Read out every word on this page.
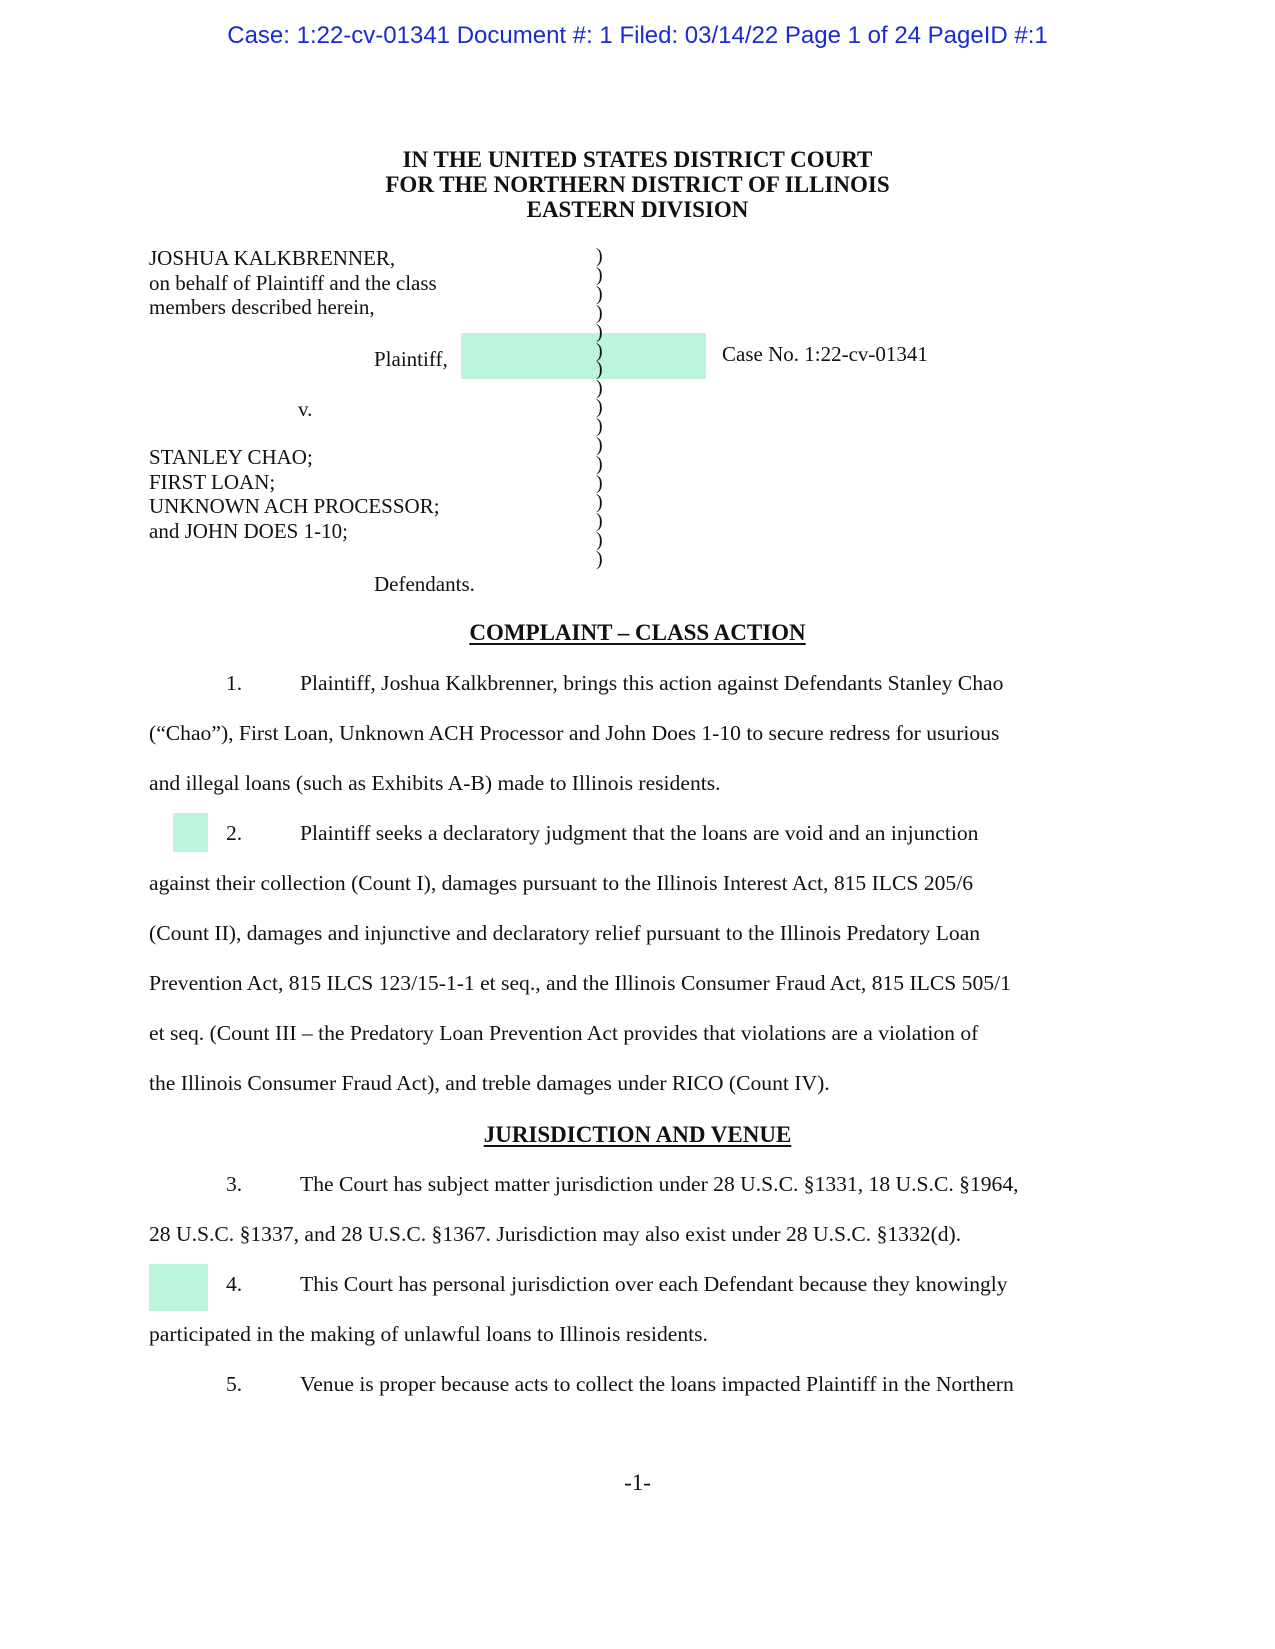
Case: 1:22-cv-01341 Document #: 1 Filed: 03/14/22 Page 1 of 24 PageID #:1
IN THE UNITED STATES DISTRICT COURT
FOR THE NORTHERN DISTRICT OF ILLINOIS
EASTERN DIVISION
JOSHUA KALKBRENNER,
on behalf of Plaintiff and the class
members described herein,
Plaintiff,
v.
STANLEY CHAO;
FIRST LOAN;
UNKNOWN ACH PROCESSOR;
and JOHN DOES 1-10;
Defendants.
)
)
)
)
)
)
)
)
)
)
)
)
)
)
)
)
)
Case No. 1:22-cv-01341
COMPLAINT – CLASS ACTION
1.	Plaintiff, Joshua Kalkbrenner, brings this action against Defendants Stanley Chao
(“Chao”), First Loan, Unknown ACH Processor and John Does 1-10 to secure redress for usurious
and illegal loans (such as Exhibits A-B) made to Illinois residents.
2.	Plaintiff seeks a declaratory judgment that the loans are void and an injunction
against their collection (Count I), damages pursuant to the Illinois Interest Act, 815 ILCS 205/6
(Count II), damages and injunctive and declaratory relief pursuant to the Illinois Predatory Loan
Prevention Act, 815 ILCS 123/15-1-1 et seq., and the Illinois Consumer Fraud Act, 815 ILCS 505/1
et seq. (Count III – the Predatory Loan Prevention Act provides that violations are a violation of
the Illinois Consumer Fraud Act), and treble damages under RICO (Count IV).
JURISDICTION AND VENUE
3.	The Court has subject matter jurisdiction under 28 U.S.C. §1331, 18 U.S.C. §1964,
28 U.S.C. §1337, and 28 U.S.C. §1367. Jurisdiction may also exist under 28 U.S.C. §1332(d).
4.	This Court has personal jurisdiction over each Defendant because they knowingly
participated in the making of unlawful loans to Illinois residents.
5.	Venue is proper because acts to collect the loans impacted Plaintiff in the Northern
-1-
